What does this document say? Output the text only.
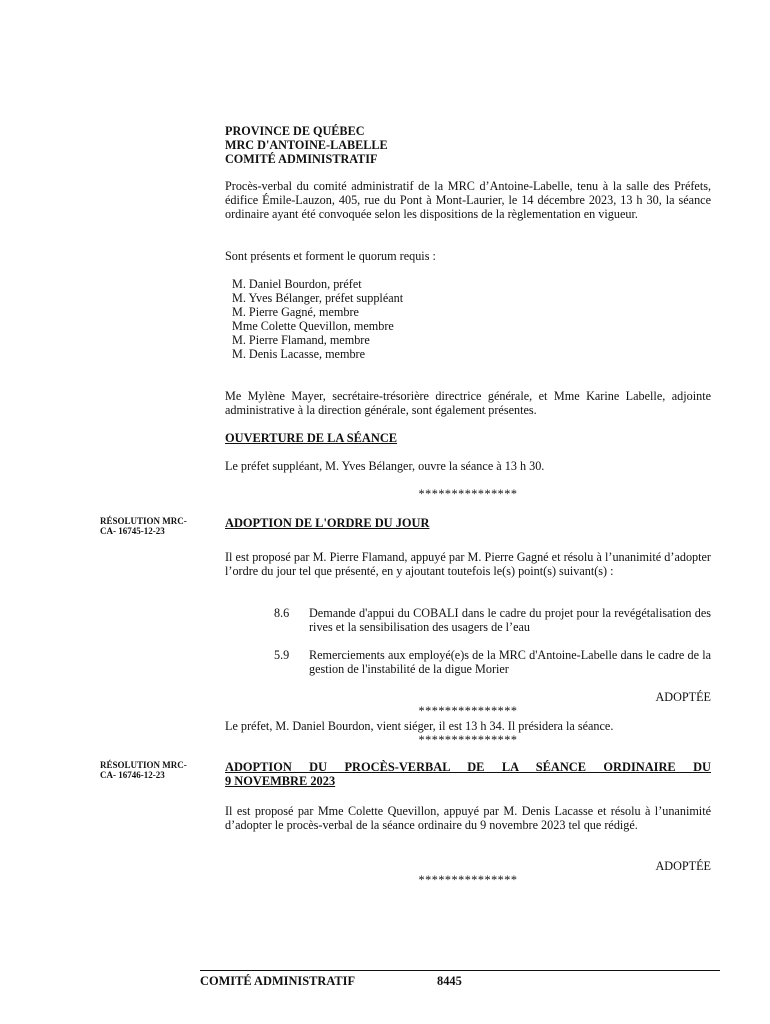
PROVINCE DE QUÉBEC
MRC D'ANTOINE-LABELLE
COMITÉ ADMINISTRATIF
Procès-verbal du comité administratif de la MRC d’Antoine-Labelle, tenu à la salle des Préfets, édifice Émile-Lauzon, 405, rue du Pont à Mont-Laurier, le 14 décembre 2023, 13 h 30, la séance ordinaire ayant été convoquée selon les dispositions de la règlementation en vigueur.
Sont présents et forment le quorum requis :
M. Daniel Bourdon, préfet
M. Yves Bélanger, préfet suppléant
M. Pierre Gagné, membre
Mme Colette Quevillon, membre
M. Pierre Flamand, membre
M. Denis Lacasse, membre
Me Mylène Mayer, secrétaire-trésorière directrice générale, et Mme Karine Labelle, adjointe administrative à la direction générale, sont également présentes.
OUVERTURE DE LA SÉANCE
Le préfet suppléant, M. Yves Bélanger, ouvre la séance à 13 h 30.
***************
RÉSOLUTION MRC-
CA- 16745-12-23
ADOPTION DE L'ORDRE DU JOUR
Il est proposé par M. Pierre Flamand, appuyé par M. Pierre Gagné et résolu à l’unanimité d’adopter l’ordre du jour tel que présenté, en y ajoutant toutefois le(s) point(s) suivant(s) :
8.6 Demande d'appui du COBALI dans le cadre du projet pour la revégétalisation des rives et la sensibilisation des usagers de l’eau
5.9 Remerciements aux employé(e)s de la MRC d'Antoine-Labelle dans le cadre de la gestion de l'instabilité de la digue Morier
ADOPTÉE
***************
Le préfet, M. Daniel Bourdon, vient siéger, il est 13 h 34. Il présidera la séance.
***************
RÉSOLUTION MRC-
CA- 16746-12-23
ADOPTION DU PROCÈS-VERBAL DE LA SÉANCE ORDINAIRE DU
9 NOVEMBRE 2023
Il est proposé par Mme Colette Quevillon, appuyé par M. Denis Lacasse et résolu à l’unanimité d’adopter le procès-verbal de la séance ordinaire du 9 novembre 2023 tel que rédigé.
ADOPTÉE
***************
COMITÉ ADMINISTRATIF	8445
